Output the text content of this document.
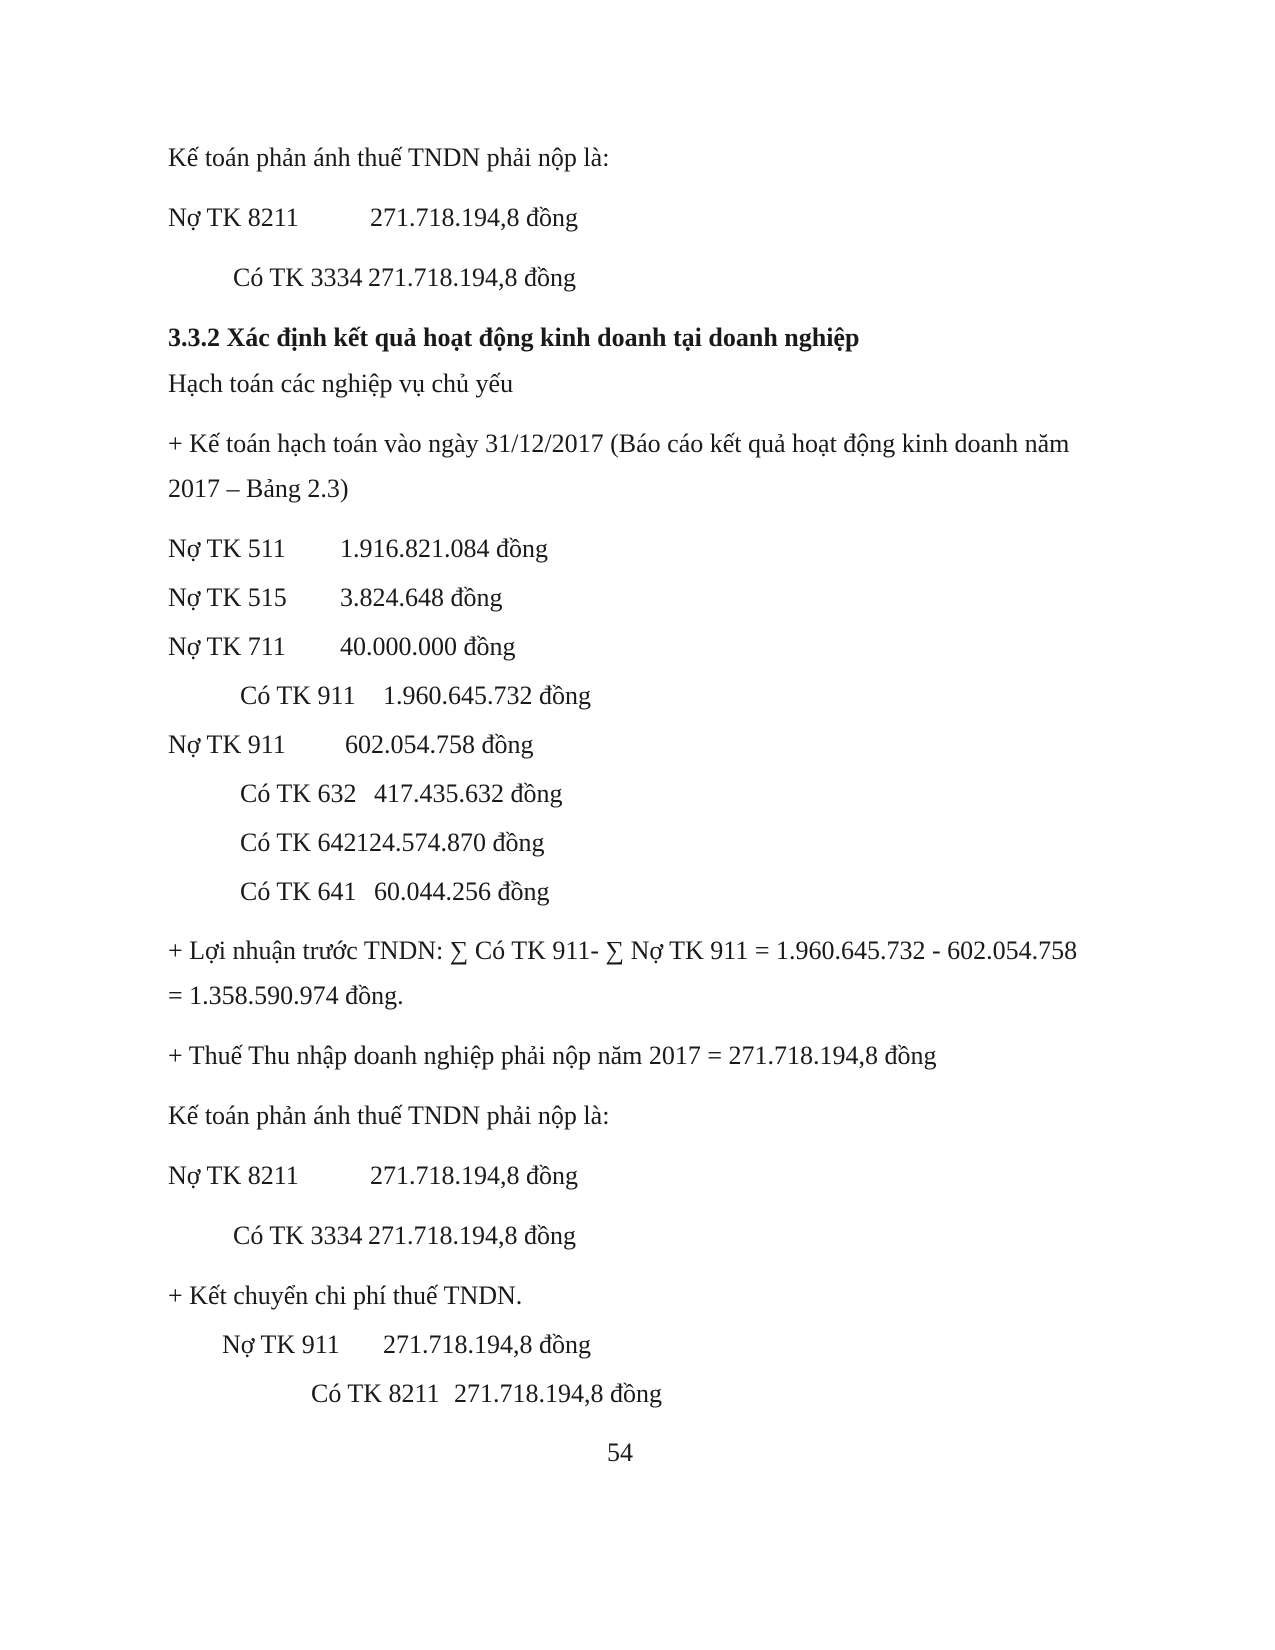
Kế toán phản ánh thuế TNDN phải nộp là:
Nợ TK 8211	271.718.194,8 đồng
Có TK 3334 271.718.194,8 đồng
3.3.2 Xác định kết quả hoạt động kinh doanh tại doanh nghiệp
Hạch toán các nghiệp vụ chủ yếu
+ Kế toán hạch toán vào ngày 31/12/2017 (Báo cáo kết quả hoạt động kinh doanh năm
2017 – Bảng 2.3)
Nợ TK 511 1.916.821.084 đồng
Nợ TK 515 3.824.648 đồng
Nợ TK 711 40.000.000 đồng
Có TK 911 1.960.645.732 đồng
Nợ TK 911 602.054.758 đồng
Có TK 632 417.435.632 đồng
Có TK 642 124.574.870 đồng
Có TK 641 60.044.256 đồng
+ Lợi nhuận trước TNDN: ∑ Có TK 911- ∑ Nợ TK 911 = 1.960.645.732 - 602.054.758
= 1.358.590.974 đồng.
+ Thuế Thu nhập doanh nghiệp phải nộp năm 2017 = 271.718.194,8 đồng
Kế toán phản ánh thuế TNDN phải nộp là:
Nợ TK 8211	271.718.194,8 đồng
Có TK 3334 271.718.194,8 đồng
+ Kết chuyển chi phí thuế TNDN.
Nợ TK 911 271.718.194,8 đồng
Có TK 8211 271.718.194,8 đồng
54
